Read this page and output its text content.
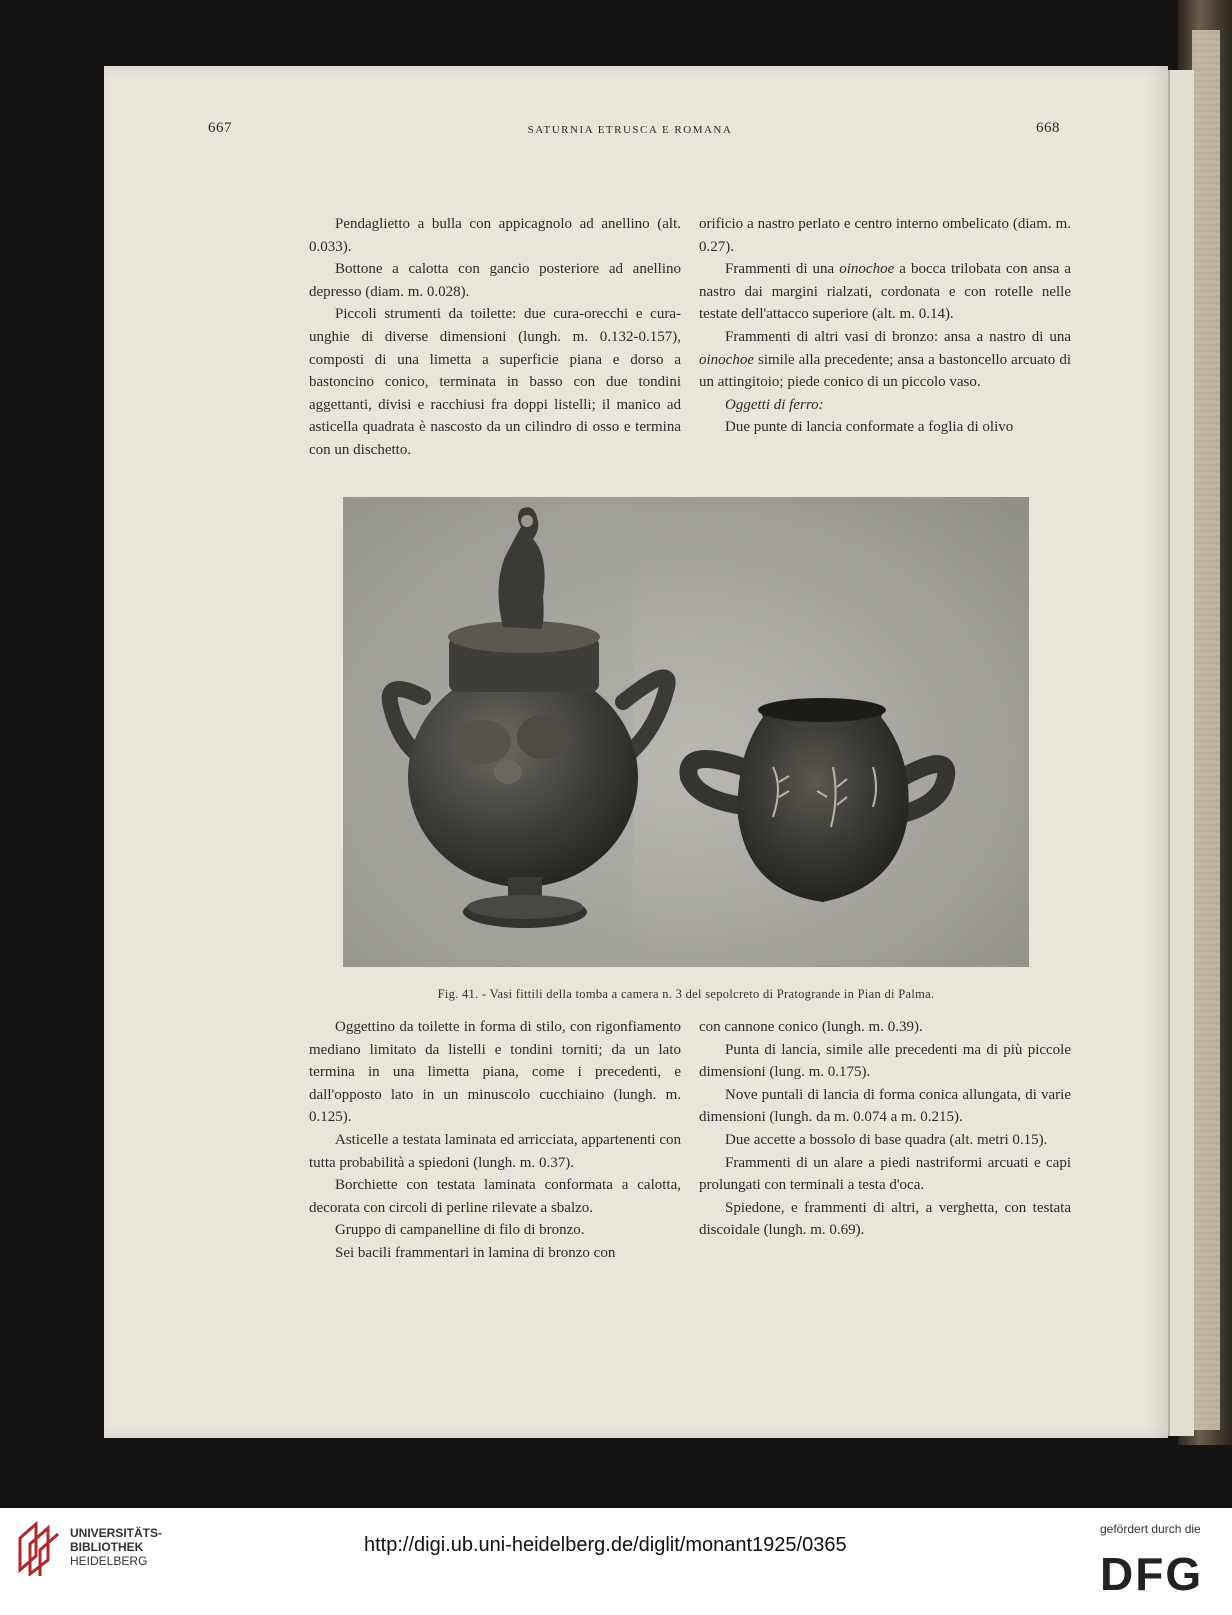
667	SATURNIA ETRUSCA E ROMANA	668

Pendaglietto a bulla con appicagnolo ad anellino (alt. 0.033).

Bottone a calotta con gancio posteriore ad anellino depresso (diam. m. 0.028).

Piccoli strumenti da toilette: due cura-orecchi e cura-unghie di diverse dimensioni (lungh. m. 0.132-0.157), composti di una limetta a superficie piana e dorso a bastoncino conico, terminata in basso con due tondini aggettanti, divisi e racchiusi fra doppi listelli; il manico ad asticella quadrata è nascosto da un cilindro di osso e termina con un dischetto.

orificio a nastro perlato e centro interno ombelicato (diam. m. 0.27).

Frammenti di una oinochoe a bocca trilobata con ansa a nastro dai margini rialzati, cordonata e con rotelle nelle testate dell'attacco superiore (alt. m. 0.14).

Frammenti di altri vasi di bronzo: ansa a nastro di una oinochoe simile alla precedente; ansa a bastoncello arcuato di un attingitoio; piede conico di un piccolo vaso.

Oggetti di ferro:

Due punte di lancia conformate a foglia di olivo

Fig. 41. - Vasi fittili della tomba a camera n. 3 del sepolcreto di Pratogrande in Pian di Palma.

Oggettino da toilette in forma di stilo, con rigonfiamento mediano limitato da listelli e tondini torniti; da un lato termina in una limetta piana, come i precedenti, e dall'opposto lato in un minuscolo cucchiaino (lungh. m. 0.125).

Asticelle a testata laminata ed arricciata, appartenenti con tutta probabilità a spiedoni (lungh. m. 0.37).

Borchiette con testata laminata conformata a calotta, decorata con circoli di perline rilevate a sbalzo.

Gruppo di campanelline di filo di bronzo.

Sei bacili frammentari in lamina di bronzo con

con cannone conico (lungh. m. 0.39).

Punta di lancia, simile alle precedenti ma di più piccole dimensioni (lung. m. 0.175).

Nove puntali di lancia di forma conica allungata, di varie dimensioni (lungh. da m. 0.074 a m. 0.215).

Due accette a bossolo di base quadra (alt. metri 0.15).

Frammenti di un alare a piedi nastriformi arcuati e capi prolungati con terminali a testa d'oca.

Spiedone, e frammenti di altri, a verghetta, con testata discoidale (lungh. m. 0.69).

UNIVERSITÄTS-
BIBLIOTHEK
HEIDELBERG
http://digi.ub.uni-heidelberg.de/diglit/monant1925/0365
gefördert durch die
DFG
